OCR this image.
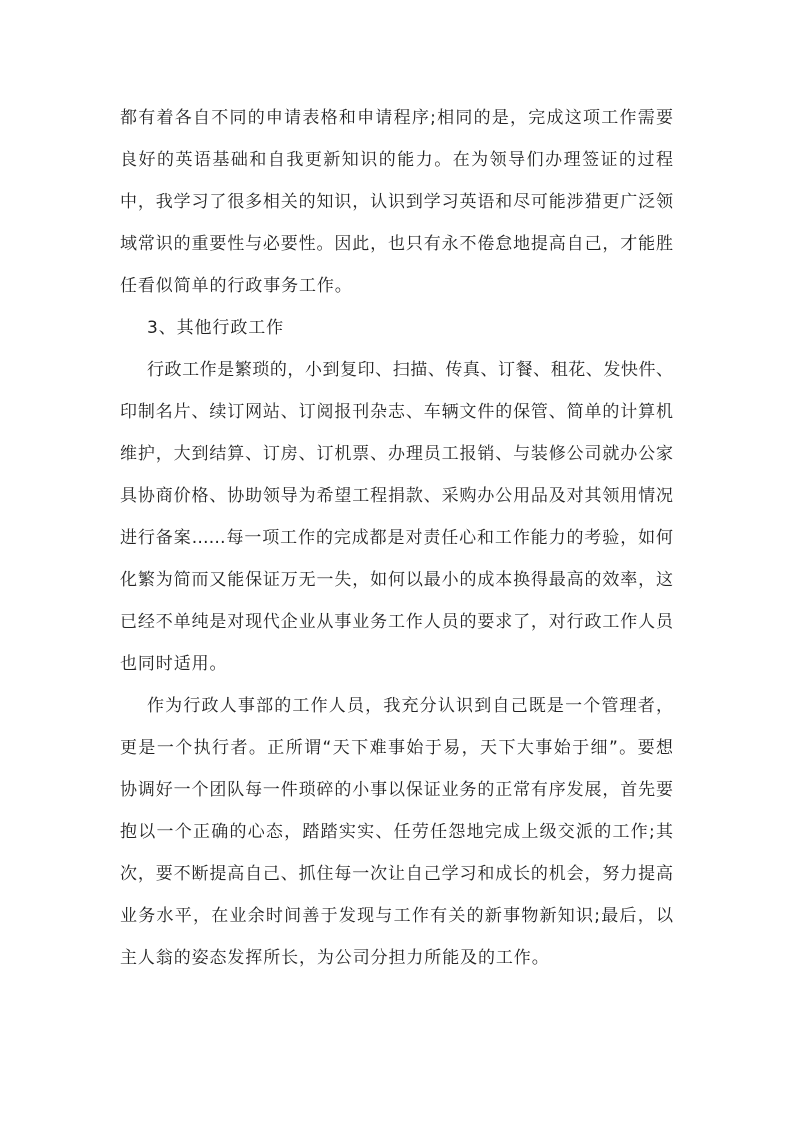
都有着各自不同的申请表格和申请程序;相同的是，完成这项工作需要
良好的英语基础和自我更新知识的能力。在为领导们办理签证的过程
中，我学习了很多相关的知识，认识到学习英语和尽可能涉猎更广泛领
域常识的重要性与必要性。因此，也只有永不倦怠地提高自己，才能胜
任看似简单的行政事务工作。
3、其他行政工作
行政工作是繁琐的，小到复印、扫描、传真、订餐、租花、发快件、
印制名片、续订网站、订阅报刊杂志、车辆文件的保管、简单的计算机
维护，大到结算、订房、订机票、办理员工报销、与装修公司就办公家
具协商价格、协助领导为希望工程捐款、采购办公用品及对其领用情况
进行备案……每一项工作的完成都是对责任心和工作能力的考验，如何
化繁为简而又能保证万无一失，如何以最小的成本换得最高的效率，这
已经不单纯是对现代企业从事业务工作人员的要求了，对行政工作人员
也同时适用。
作为行政人事部的工作人员，我充分认识到自己既是一个管理者，
更是一个执行者。正所谓“天下难事始于易，天下大事始于细”。要想
协调好一个团队每一件琐碎的小事以保证业务的正常有序发展，首先要
抱以一个正确的心态，踏踏实实、任劳任怨地完成上级交派的工作;其
次，要不断提高自己、抓住每一次让自己学习和成长的机会，努力提高
业务水平，在业余时间善于发现与工作有关的新事物新知识;最后，以
主人翁的姿态发挥所长，为公司分担力所能及的工作。
